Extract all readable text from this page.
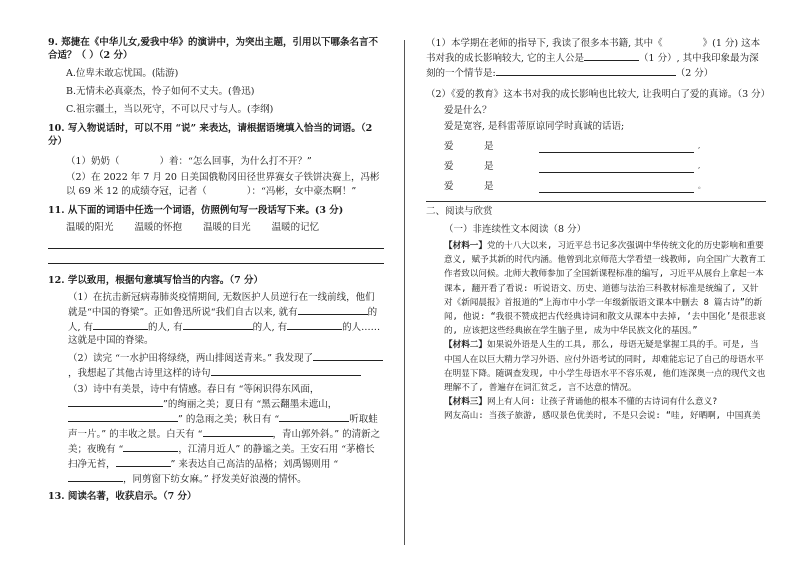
9. 郑捷在《中华儿女,爱我中华》的演讲中，为突出主题，引用以下哪条名言不合适？（ ）（2 分）

A.位卑未敢忘忧国。(陆游)

B.无情未必真豪杰，怜子如何不丈夫。(鲁迅)

C.祖宗疆土，当以死守，不可以尺寸与人。(李纲)

10. 写入物说话时，可以不用 “说” 来表达，请根据语境填入恰当的词语。（2 分）

（1）奶奶（	）着：“怎么回事，为什么打不开？”

（2）在 2022 年 7 月 20 日美国俄勒冈田径世界赛女子铁饼决赛上，冯彬以 69 米 12 的成绩夺冠，记者（	）：“冯彬，女中豪杰啊！”

11. 从下面的词语中任选一个词语，仿照例句写一段话写下来。(3 分)

温暖的阳光 温暖的怀抱 温暖的目光 温暖的记忆

12. 学以致用，根据句意填写恰当的内容。（7 分）

（1）在抗击新冠病毒肺炎疫情期间, 无数医护人员逆行在一线前线，他们就是“中国的脊梁”。正如鲁迅所说“我们自古以来, 就有	的人, 有	的人, 有	的人, 有	的人……这就是中国的脊梁。

（2）读完 “一水护田将绿绕，两山排闼送青来。” 我发现了，我想起了其他古诗里这样的诗句

（3）诗中有美景，诗中有情感。春日有 “等闲识得东风面，”的绚丽之美；夏日有 “黑云翻墨未遮山，” 的急雨之美；秋日有 “	听取蛙声一片。” 的丰收之景。白天有 “	，青山郭外斜。” 的清新之美；夜晚有 “	，江清月近人” 的静谧之美。王安石用 “茅檐长扫净无苔，	” 来表达自己高洁的品格；刘禹锡则用 “，同剪窗下纺女麻。” 抒发美好浪漫的情怀。

13. 阅读名著，收获启示。（7 分）

（1）本学期在老师的指导下, 我读了很多本书籍, 其中《	》(1 分) 这本书对我的成长影响较大, 它的主人公是	（1 分）, 其中我印象最为深刻的一个情节是:	（2 分）

（2）《爱的教育》这本书对我的成长影响也比较大, 让我明白了爱的真谛。（3 分）

爱是什么？

爱是宽容, 是科雷蒂原谅同学时真诚的话语;

爱	是	,
爱	是	,
爱	是	。

二、阅读与欣赏

（一）非连续性文本阅读（8 分）

【材料一】党的十八大以来, 习近平总书记多次强调中华传统文化的历史影响和重要意义, 赋予其新的时代内涵。他曾到北京师范大学看望一线教师, 向全国广大教育工作者致以问候。北师大教师参加了全国新课程标准的编写, 习近平从展台上拿起一本课本, 翻开看了看说: 听说语文、历史、道德与法治三科教材标准是统编了, 又针对《新闻晨报》首报道的“上海市中小学一年级新版语文课本中删去 8 篇古诗”的新闻, 他说: “我很不赞成把古代经典诗词和散文从课本中去掉, ‘去中国化’是很悲哀的, 应该把这些经典嵌在学生脑子里, 成为中华民族文化的基因。”

【材料二】如果说外语是人生的工具, 那么, 母语无疑是掌握工具的手。可是, 当中国人在以巨大精力学习外语、应付外语考试的同时, 却难能忘记了自己的母语水平在明显下降。随调查发现, 中小学生母语水平不容乐观, 他们连深奥一点的现代文也理解不了, 普遍存在词汇贫乏, 言不达意的情况。

【材料三】网上有人问: 让孩子背诵他的根本不懂的古诗词有什么意义?

网友高山: 当孩子旅游, 感叹景色优美时, 不是只会说: “哇, 好晒啊, 中国真美
